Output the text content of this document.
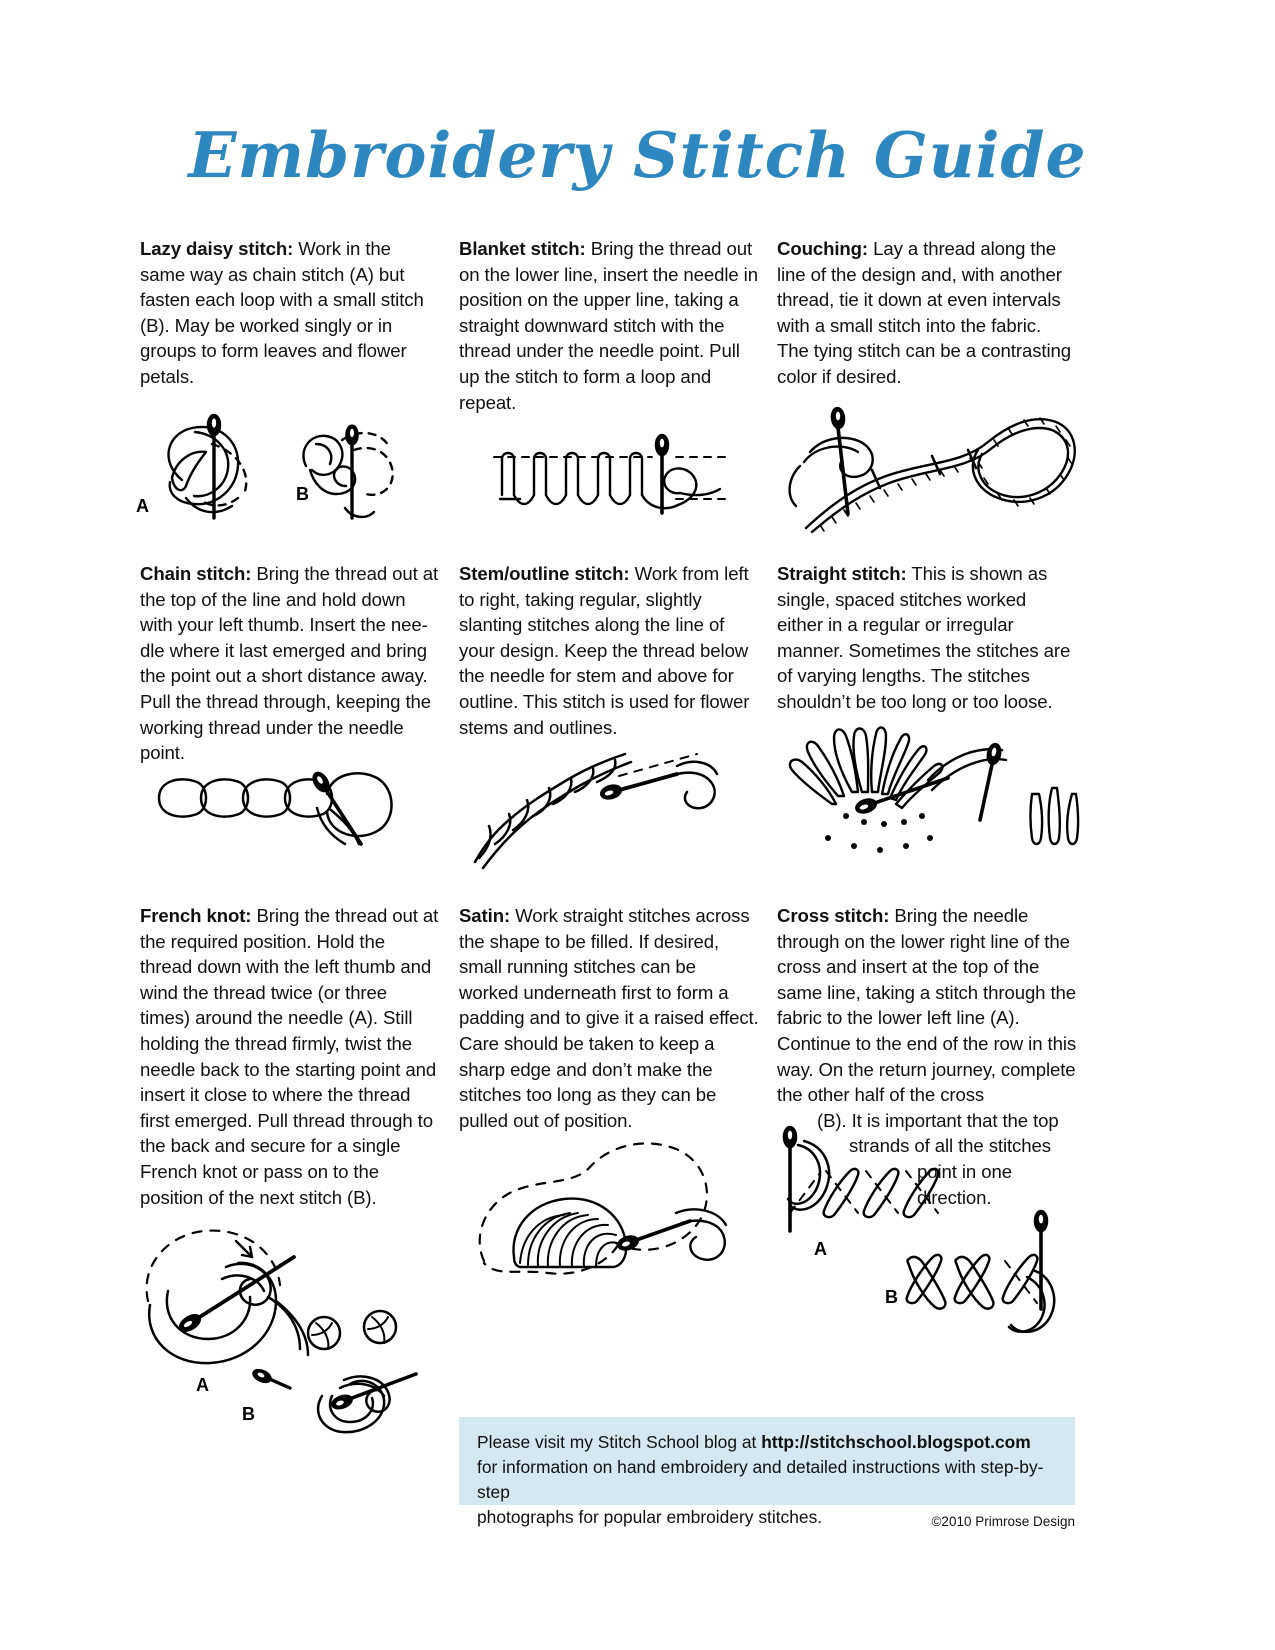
Embroidery Stitch Guide
Lazy daisy stitch: Work in the same way as chain stitch (A) but fasten each loop with a small stitch (B). May be worked singly or in groups to form leaves and flower petals.
A
B
Blanket stitch: Bring the thread out on the lower line, insert the needle in position on the upper line, taking a straight downward stitch with the thread under the needle point. Pull up the stitch to form a loop and repeat.
Couching: Lay a thread along the line of the design and, with another thread, tie it down at even intervals with a small stitch into the fabric. The tying stitch can be a contrasting color if desired.
Chain stitch: Bring the thread out at the top of the line and hold down with your left thumb. Insert the nee-dle where it last emerged and bring the point out a short distance away. Pull the thread through, keeping the working thread under the needle point.
Stem/outline stitch: Work from left to right, taking regular, slightly slanting stitches along the line of your design. Keep the thread below the needle for stem and above for outline. This stitch is used for flower stems and outlines.
Straight stitch: This is shown as single, spaced stitches worked either in a regular or irregular manner. Sometimes the stitches are of varying lengths. The stitches shouldn’t be too long or too loose.
French knot: Bring the thread out at the required position. Hold the thread down with the left thumb and wind the thread twice (or three times) around the needle (A). Still holding the thread firmly, twist the needle back to the starting point and insert it close to where the thread first emerged. Pull thread through to the back and secure for a single French knot or pass on to the position of the next stitch (B).
A
B
Satin: Work straight stitches across the shape to be filled. If desired, small running stitches can be worked underneath first to form a padding and to give it a raised effect. Care should be taken to keep a sharp edge and don’t make the stitches too long as they can be pulled out of position.
Cross stitch: Bring the needle through on the lower right line of the cross and insert at the top of the same line, taking a stitch through the fabric to the lower left line (A). Continue to the end of the row in this way. On the return journey, complete the other half of the cross
(B). It is important that the top
strands of all the stitches
point in one
direction.
A
B
Please visit my Stitch School blog at http://stitchschool.blogspot.com
for information on hand embroidery and detailed instructions with step-by-step
photographs for popular embroidery stitches.	©2010 Primrose Design
